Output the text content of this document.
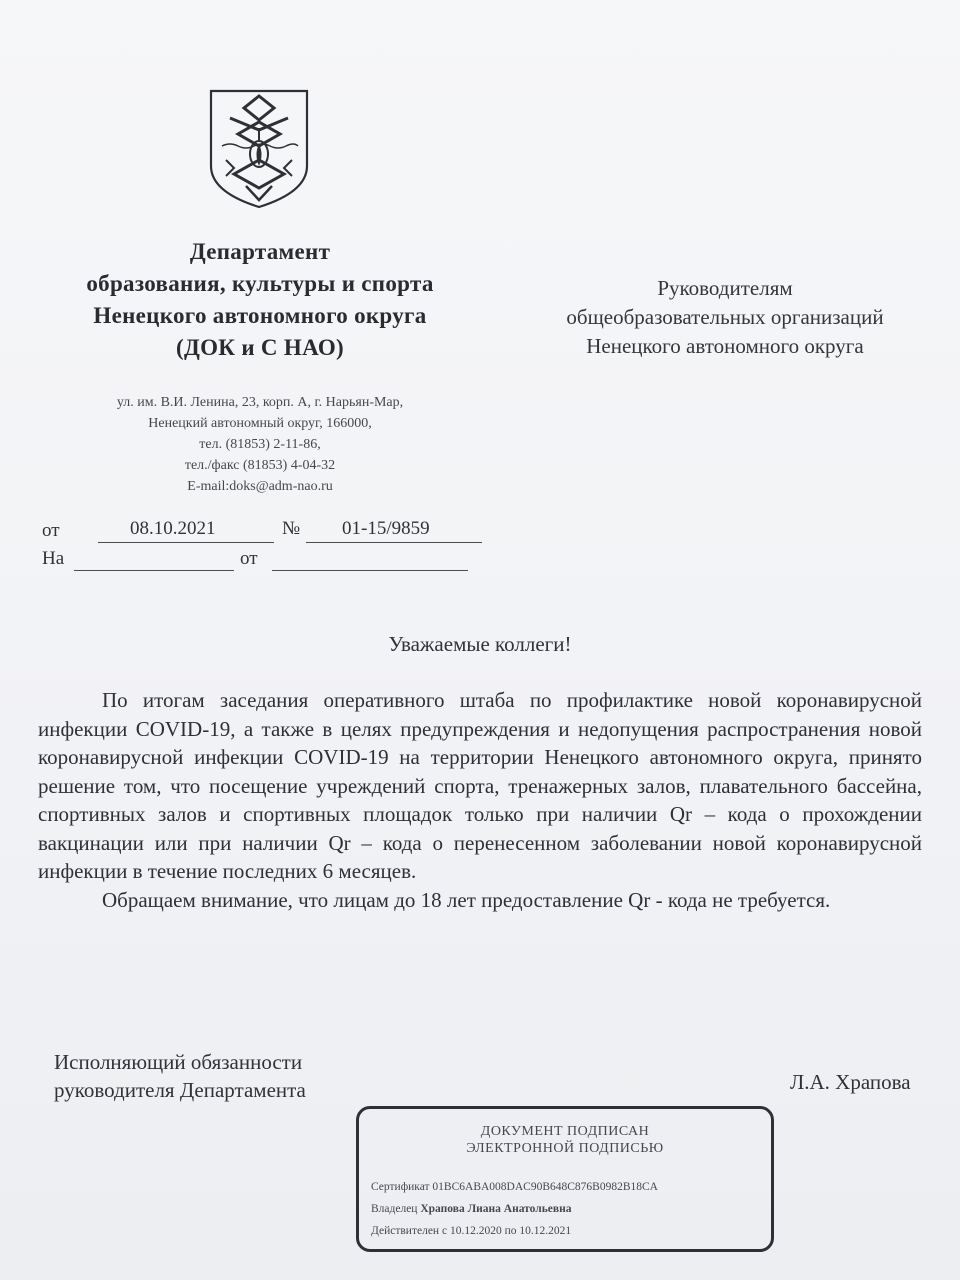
Департамент
образования, культуры и спорта
Ненецкого автономного округа
(ДОК и С НАО)
ул. им. В.И. Ленина, 23, корп. А, г. Нарьян-Мар,
Ненецкий автономный округ, 166000,
тел. (81853) 2-11-86,
тел./факс (81853) 4-04-32
E-mail:doks@adm-nao.ru
Руководителям
общеобразовательных организаций
Ненецкого автономного округа
от	08.10.2021	№ 01-15/9859
На	от
Уважаемые коллеги!

По итогам заседания оперативного штаба по профилактике новой коронавирусной инфекции COVID-19, а также в целях предупреждения и недопущения распространения новой коронавирусной инфекции COVID-19 на территории Ненецкого автономного округа, принято решение том, что посещение учреждений спорта, тренажерных залов, плавательного бассейна, спортивных залов и спортивных площадок только при наличии Qr – кода о прохождении вакцинации или при наличии Qr – кода о перенесенном заболевании новой коронавирусной инфекции в течение последних 6 месяцев.

Обращаем внимание, что лицам до 18 лет предоставление Qr - кода не требуется.

Исполняющий обязанности
руководителя Департамента	Л.А. Храпова
ДОКУМЕНТ ПОДПИСАН
ЭЛЕКТРОННОЙ ПОДПИСЬЮ
Сертификат 01BC6ABA008DAC90B648C876B0982B18CA
Владелец Храпова Лиана Анатольевна
Действителен с 10.12.2020 по 10.12.2021
